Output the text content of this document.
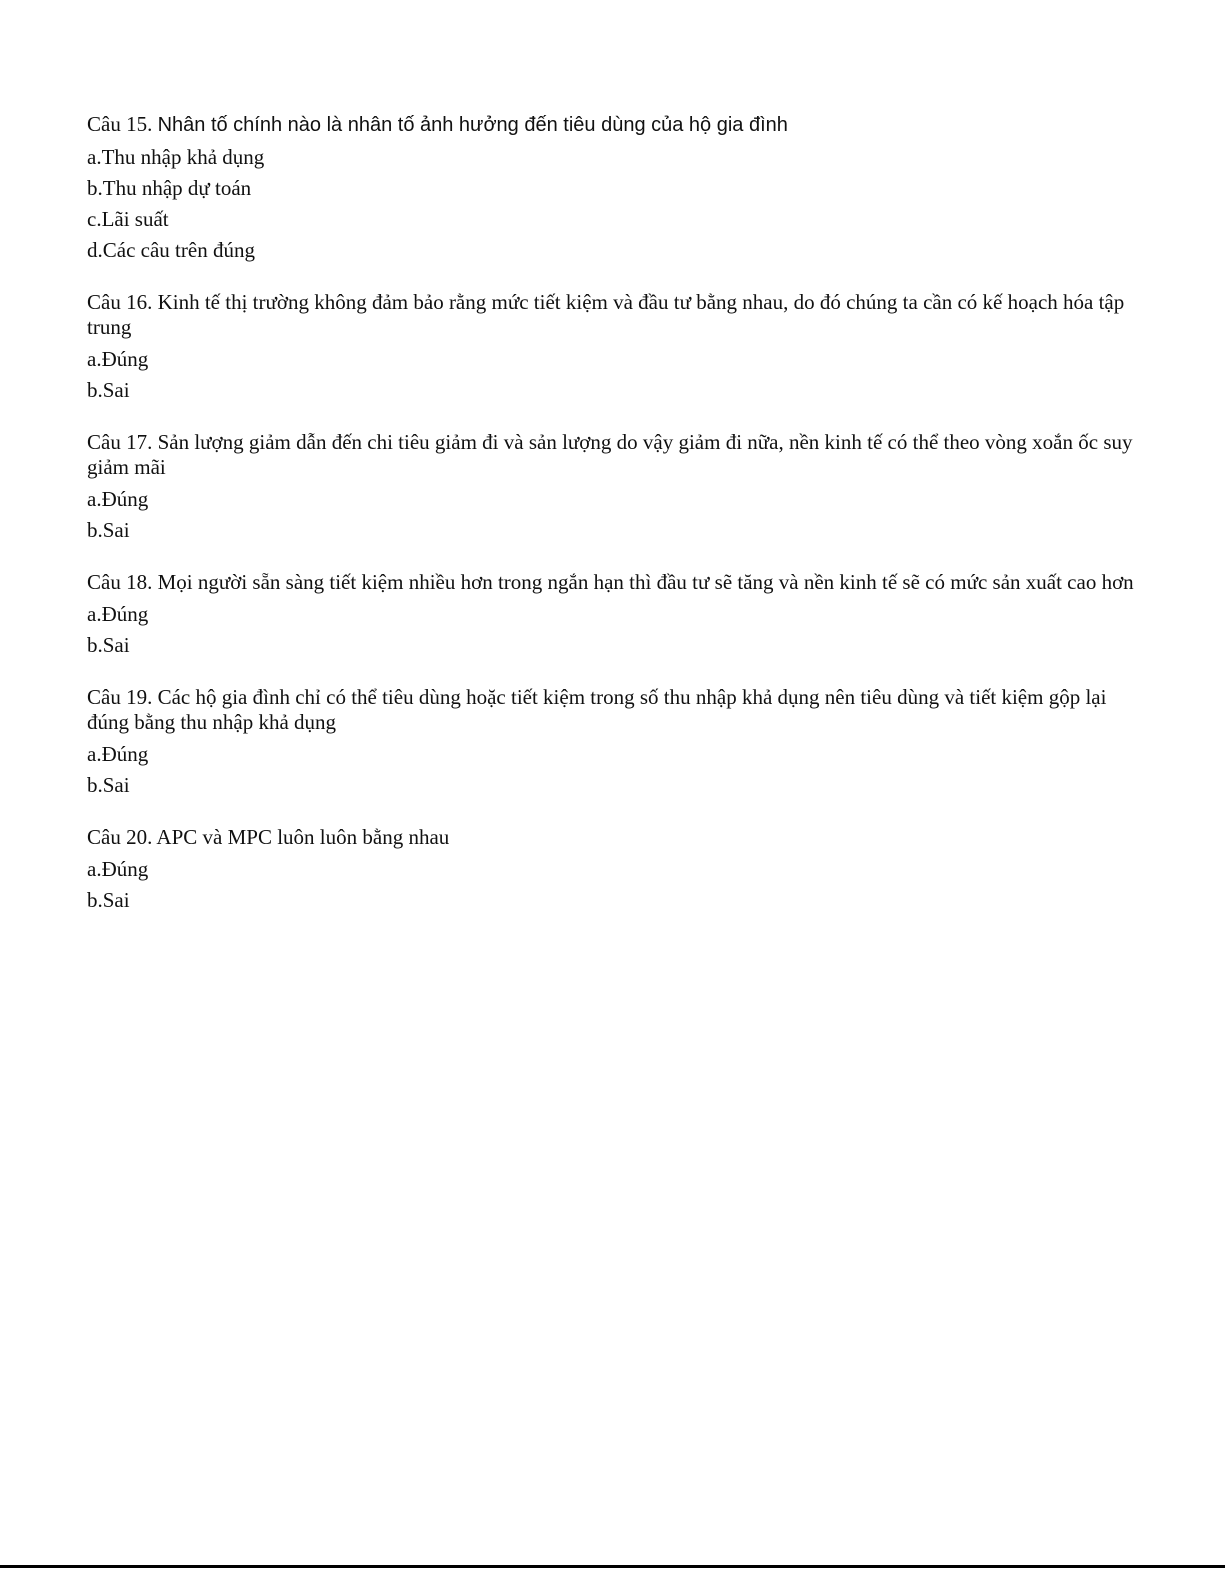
Câu 15. Nhân tố chính nào là nhân tố ảnh hưởng đến tiêu dùng của hộ gia đình

a.Thu nhập khả dụng
b.Thu nhập dự toán
c.Lãi suất
d.Các câu trên đúng

Câu 16. Kinh tế thị trường không đảm bảo rằng mức tiết kiệm và đầu tư bằng nhau, do đó chúng ta cần có kế hoạch hóa tập trung

a.Đúng
b.Sai

Câu 17. Sản lượng giảm dẫn đến chi tiêu giảm đi và sản lượng do vậy giảm đi nữa, nền kinh tế có thể theo vòng xoắn ốc suy giảm mãi

a.Đúng
b.Sai

Câu 18. Mọi người sẵn sàng tiết kiệm nhiều hơn trong ngắn hạn thì đầu tư sẽ tăng và nền kinh tế sẽ có mức sản xuất cao hơn

a.Đúng
b.Sai

Câu 19. Các hộ gia đình chỉ có thể tiêu dùng hoặc tiết kiệm trong số thu nhập khả dụng nên tiêu dùng và tiết kiệm gộp lại đúng bằng thu nhập khả dụng

a.Đúng
b.Sai

Câu 20. APC và MPC luôn luôn bằng nhau

a.Đúng
b.Sai
